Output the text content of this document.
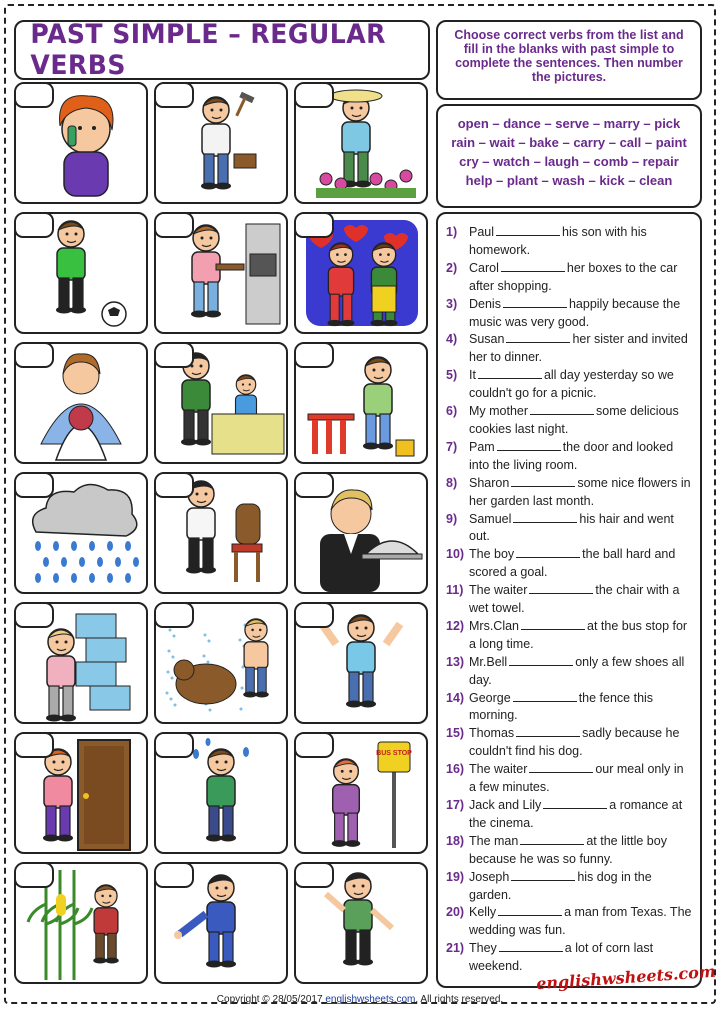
PAST SIMPLE – REGULAR VERBS
Choose correct verbs from the list and fill in the blanks with past simple to complete the sentences. Then number the pictures.
open – dance – serve – marry – pick
rain – wait – bake – carry – call – paint
cry – watch – laugh – comb – repair
help – plant – wash – kick – clean
1) Paul	his son with his homework.
2) Carol	her boxes to the car after shopping.
3) Denis	happily because the music was very good.
4) Susan	her sister and invited her to dinner.
5) It	all day yesterday so we couldn't go for a picnic.
6) My mother	some delicious cookies last night.
7) Pam	the door and looked into the living room.
8) Sharon	some nice flowers in her garden last month.
9) Samuel	his hair and went out.
10) The boy	the ball hard and scored a goal.
11) The waiter	the chair with a wet towel.
12) Mrs.Clan	at the bus stop for a long time.
13) Mr.Bell	only a few shoes all day.
14) George	the fence this morning.
15) Thomas	sadly because he couldn't find his dog.
16) The waiter	our meal only in a few minutes.
17) Jack and Lily	a romance at the cinema.
18) The man	at the little boy because he was so funny.
19) Joseph	his dog in the garden.
20) Kelly	a man from Texas. The wedding was fun.
21) They	a lot of corn last weekend.
BUS STOP
Copyright © 28/05/2017 englishwsheets.com. All rights reserved.
englishwsheets.com
